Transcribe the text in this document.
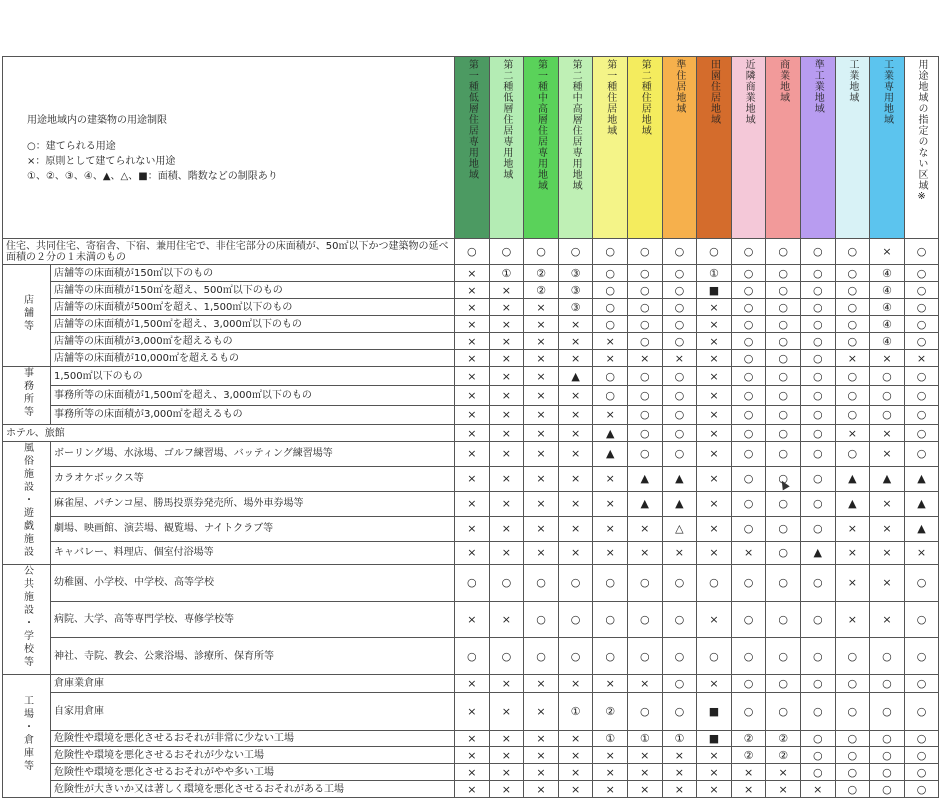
用途地域内の建築物の用途制限
○：建てられる用途
×：原則として建てられない用途
①、②、③、④、▲、△、■：面積、階数などの制限あり		第一種低層住居専用地域	第二種低層住居専用地域	第一種中高層住居専用地域	第二種中高層住居専用地域	第一種住居地域	第二種住居地域	準住居地域	田園住居地域	近隣商業地域	商業地域	準工業地域	工業地域	工業専用地域	用途地域の指定のない区域※

住宅、共同住宅、寄宿舎、下宿、兼用住宅で、非住宅部分の床面積が、50㎡以下かつ建築物の延べ面積の２分の１未満のもの		○	○	○	○	○	○	○	○	○	○	○	○	×	○
店舗等	店舗等の床面積が150㎡以下のもの	×	①	②	③	○	○	○	①	○	○	○	○	④	○
	店舗等の床面積が150㎡を超え、500㎡以下のもの	×	×	②	③	○	○	○	■	○	○	○	○	④	○
	店舗等の床面積が500㎡を超え、1,500㎡以下のもの	×	×	×	③	○	○	○	×	○	○	○	○	④	○
	店舗等の床面積が1,500㎡を超え、3,000㎡以下のもの	×	×	×	×	○	○	○	×	○	○	○	○	④	○
	店舗等の床面積が3,000㎡を超えるもの	×	×	×	×	×	○	○	×	○	○	○	○	④	○
	店舗等の床面積が10,000㎡を超えるもの	×	×	×	×	×	×	×	×	○	○	○	×	×	×
事務所等	1,500㎡以下のもの	×	×	×	▲	○	○	○	×	○	○	○	○	○	○
	事務所等の床面積が1,500㎡を超え、3,000㎡以下のもの	×	×	×	×	○	○	○	×	○	○	○	○	○	○
	事務所等の床面積が3,000㎡を超えるもの	×	×	×	×	×	○	○	×	○	○	○	○	○	○
ホテル、旅館		×	×	×	×	▲	○	○	×	○	○	○	×	×	○
風俗施設・遊戯施設	ボーリング場、水泳場、ゴルフ練習場、バッティング練習場等	×	×	×	×	▲	○	○	×	○	○	○	○	×	○
	カラオケボックス等	×	×	×	×	×	▲	▲	×	○	○	○	▲	▲	▲
	麻雀屋、パチンコ屋、勝馬投票券発売所、場外車券場等	×	×	×	×	×	▲	▲	×	○	○	○	▲	×	▲
	劇場、映画館、演芸場、観覧場、ナイトクラブ等	×	×	×	×	×	×	△	×	○	○	○	×	×	▲
	キャバレー、料理店、個室付浴場等	×	×	×	×	×	×	×	×	×	○	▲	×	×	×
公共施設・学校等	幼稚園、小学校、中学校、高等学校	○	○	○	○	○	○	○	○	○	○	○	×	×	○
	病院、大学、高等専門学校、専修学校等	×	×	○	○	○	○	○	×	○	○	○	×	×	○
	神社、寺院、教会、公衆浴場、診療所、保育所等	○	○	○	○	○	○	○	○	○	○	○	○	○	○
工場・倉庫等	倉庫業倉庫	×	×	×	×	×	×	○	×	○	○	○	○	○	○
	自家用倉庫	×	×	×	①	②	○	○	■	○	○	○	○	○	○
	危険性や環境を悪化させるおそれが非常に少ない工場	×	×	×	×	①	①	①	■	②	②	○	○	○	○
	危険性や環境を悪化させるおそれが少ない工場	×	×	×	×	×	×	×	×	②	②	○	○	○	○
	危険性や環境を悪化させるおそれがやや多い工場	×	×	×	×	×	×	×	×	×	×	○	○	○	○
	危険性が大きいか又は著しく環境を悪化させるおそれがある工場	×	×	×	×	×	×	×	×	×	×	×	○	○	○
